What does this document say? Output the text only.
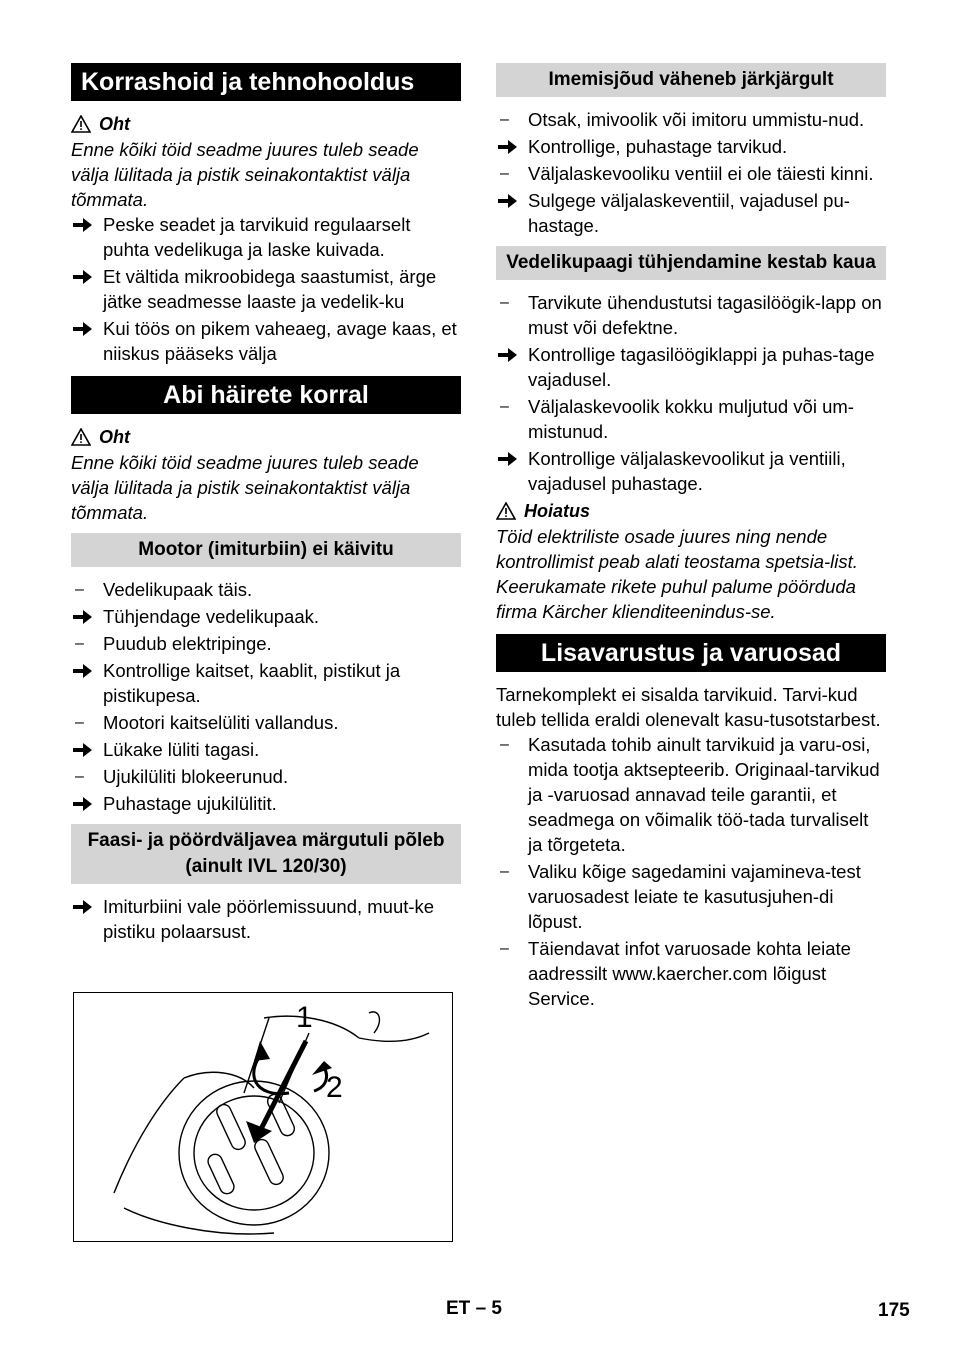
Korrashoid ja tehnohooldus
Oht
Enne kõiki töid seadme juures tuleb seade välja lülitada ja pistik seinakontaktist välja tõmmata.
Peske seadet ja tarvikuid regulaarselt puhta vedelikuga ja laske kuivada.
Et vältida mikroobidega saastumist, ärge jätke seadmesse laaste ja vedelik-ku
Kui töös on pikem vaheaeg, avage kaas, et niiskus pääseks välja
Abi häirete korral
Oht
Enne kõiki töid seadme juures tuleb seade välja lülitada ja pistik seinakontaktist välja tõmmata.
Mootor (imiturbiin) ei käivitu
–	Vedelikupaak täis.
Tühjendage vedelikupaak.
–	Puudub elektripinge.
Kontrollige kaitset, kaablit, pistikut ja pistikupesa.
–	Mootori kaitselüliti vallandus.
Lükake lüliti tagasi.
–	Ujukilüliti blokeerunud.
Puhastage ujukilülitit.
Faasi- ja pöördväljavea märgutuli põleb (ainult IVL 120/30)
Imiturbiini vale pöörlemissuund, muut-ke pistiku polaarsust.
1
2
Imemisjõud väheneb järkjärgult
–	Otsak, imivoolik või imitoru ummistu-nud.
Kontrollige, puhastage tarvikud.
–	Väljalaskevooliku ventiil ei ole täiesti kinni.
Sulgege väljalaskeventiil, vajadusel pu-hastage.
Vedelikupaagi tühjendamine kestab kaua
–	Tarvikute ühendustutsi tagasilöögik-lapp on must või defektne.
Kontrollige tagasilöögiklappi ja puhas-tage vajadusel.
–	Väljalaskevoolik kokku muljutud või um-mistunud.
Kontrollige väljalaskevoolikut ja ventiili, vajadusel puhastage.
Hoiatus
Töid elektriliste osade juures ning nende kontrollimist peab alati teostama spetsia-list. Keerukamate rikete puhul palume pöörduda firma Kärcher klienditeenindus-se.
Lisavarustus ja varuosad

Tarnekomplekt ei sisalda tarvikuid. Tarvi-kud tuleb tellida eraldi olenevalt kasu-tusotstarbest.

–	Kasutada tohib ainult tarvikuid ja varu-osi, mida tootja aktsepteerib. Originaal-tarvikud ja -varuosad annavad teile garantii, et seadmega on võimalik töö-tada turvaliselt ja tõrgeteta.
–	Valiku kõige sagedamini vajamineva-test varuosadest leiate te kasutusjuhen-di lõpust.
–	Täiendavat infot varuosade kohta leiate aadressilt www.kaercher.com lõigust Service.
ET – 5	175
